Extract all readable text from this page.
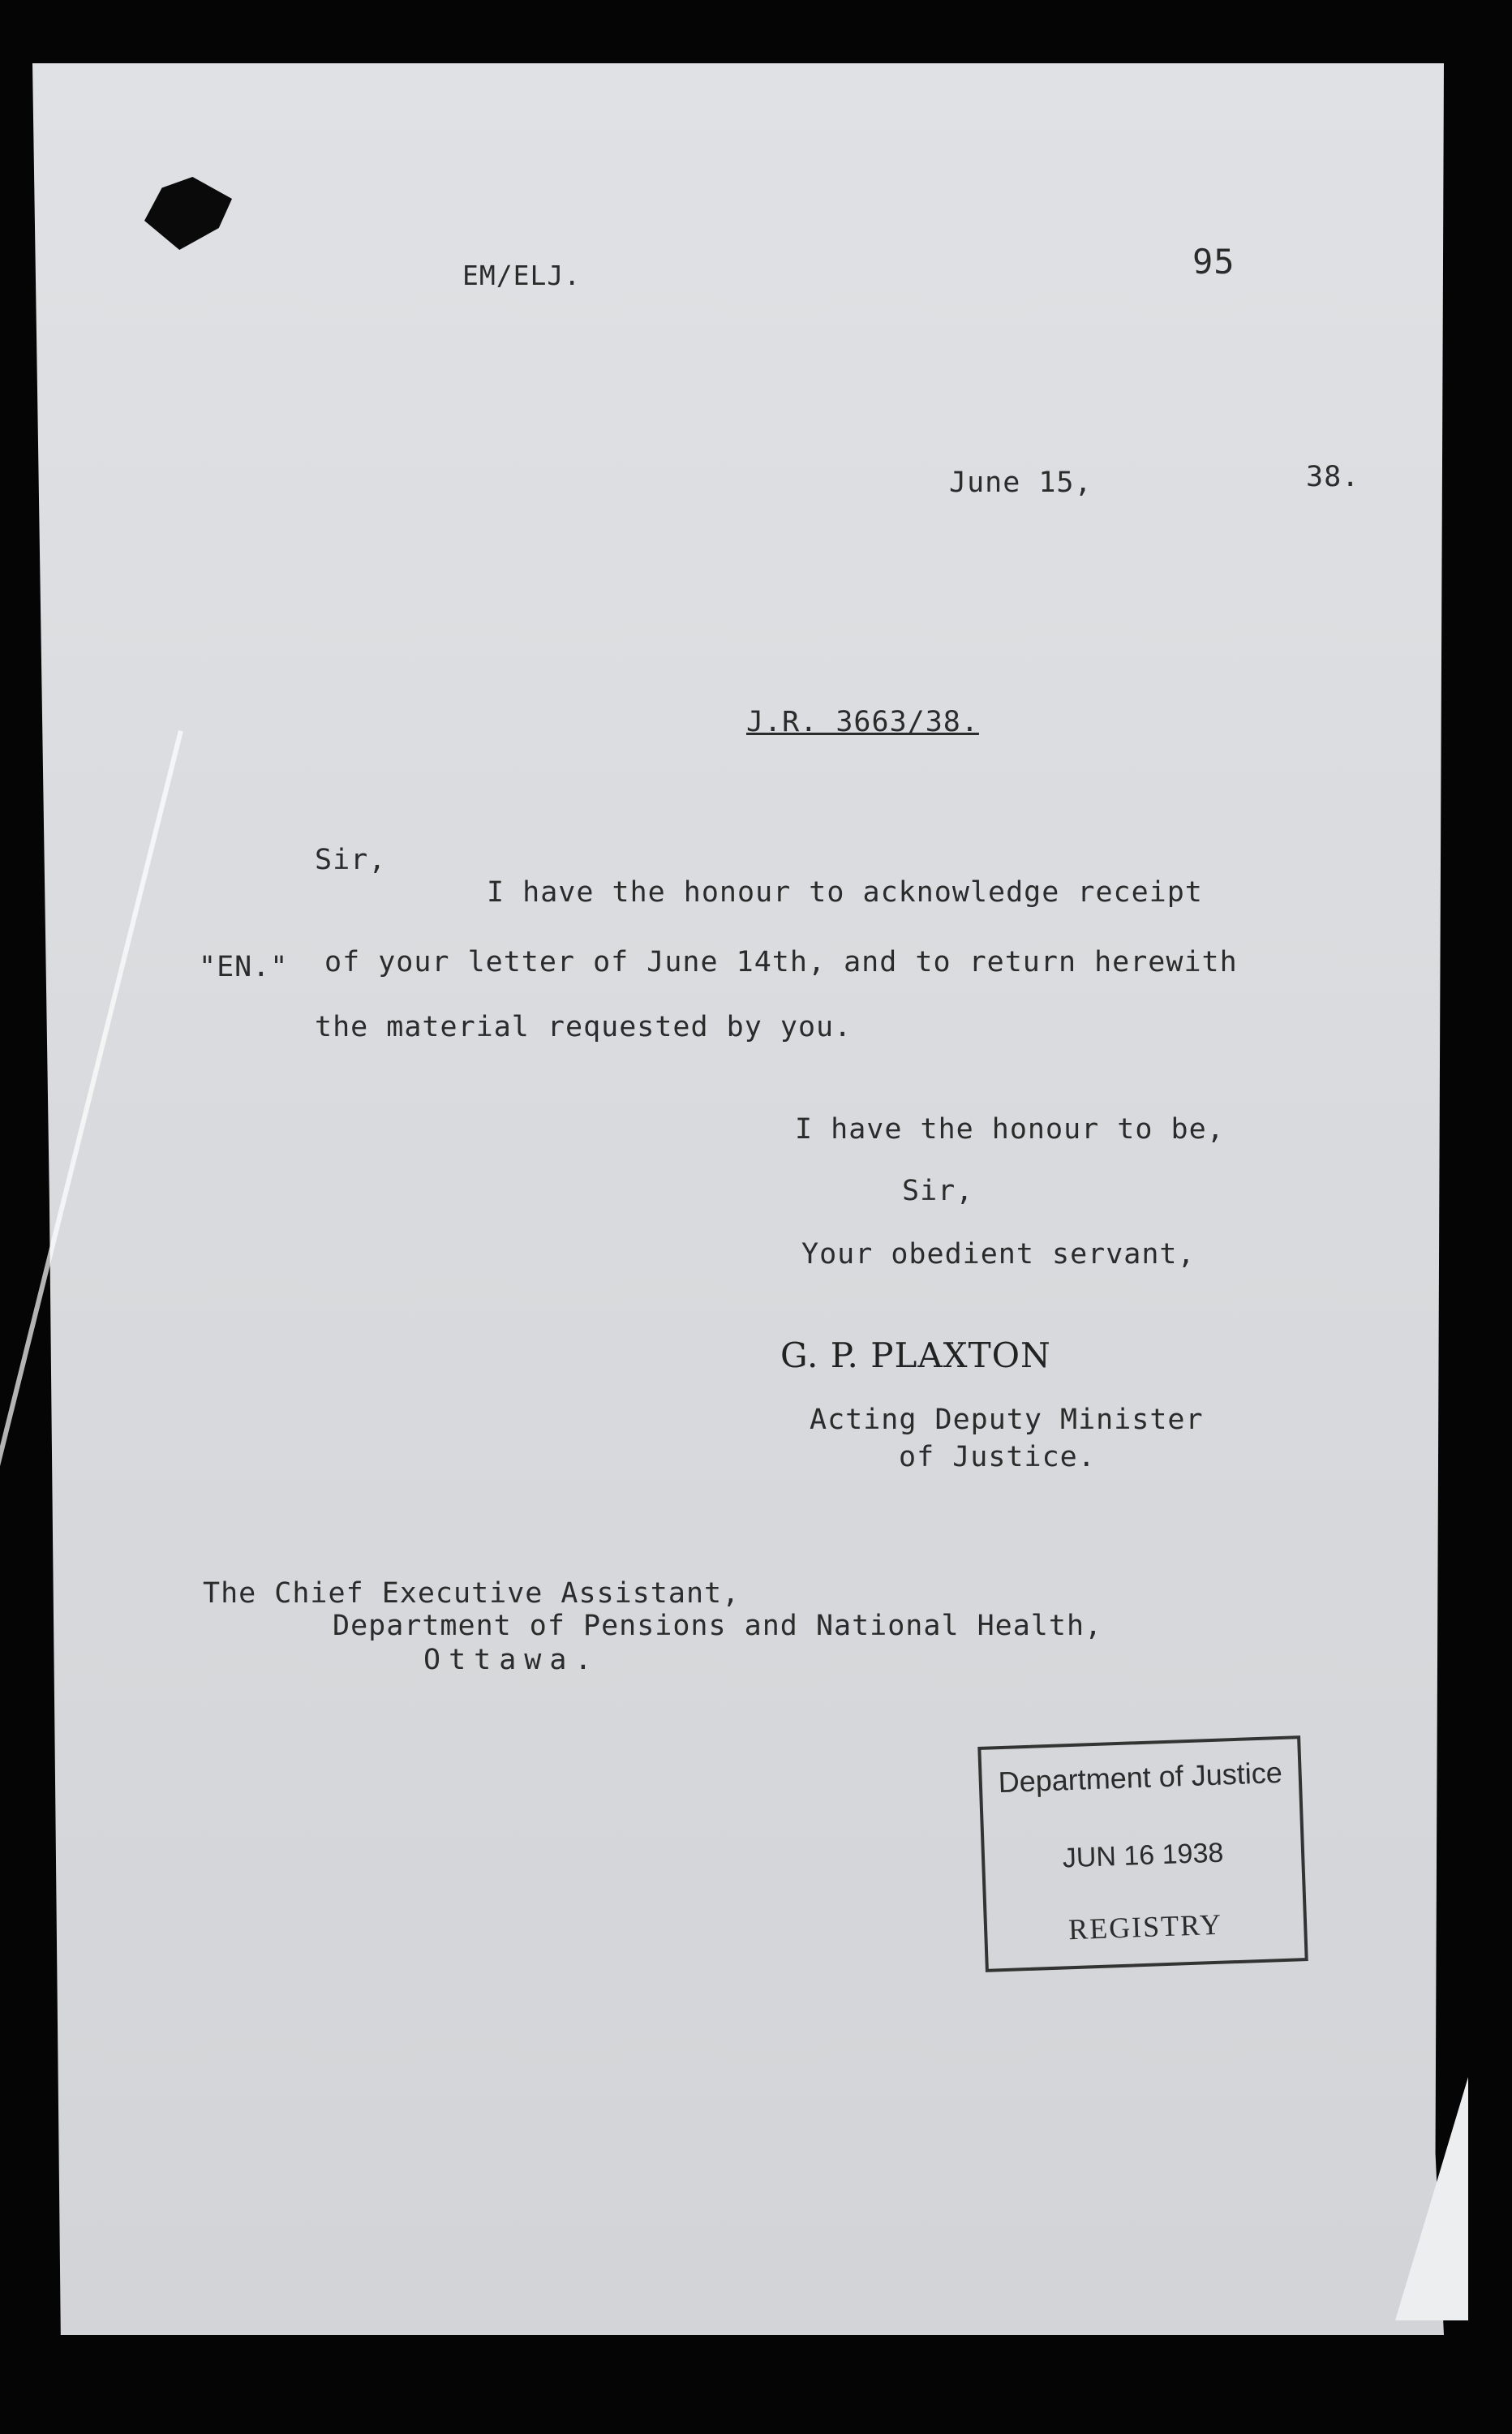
EM/ELJ.	95
June 15,	38.
J.R. 3663/38.
Sir,
I have the honour to acknowledge receipt
"EN." of your letter of June 14th, and to return herewith
the material requested by you.
I have the honour to be,
Sir,
Your obedient servant,
G. P. PLAXTON
Acting Deputy Minister
of Justice.
The Chief Executive Assistant,
Department of Pensions and National Health,
Ottawa.
Department of Justice
JUN 16 1938
REGISTRY
